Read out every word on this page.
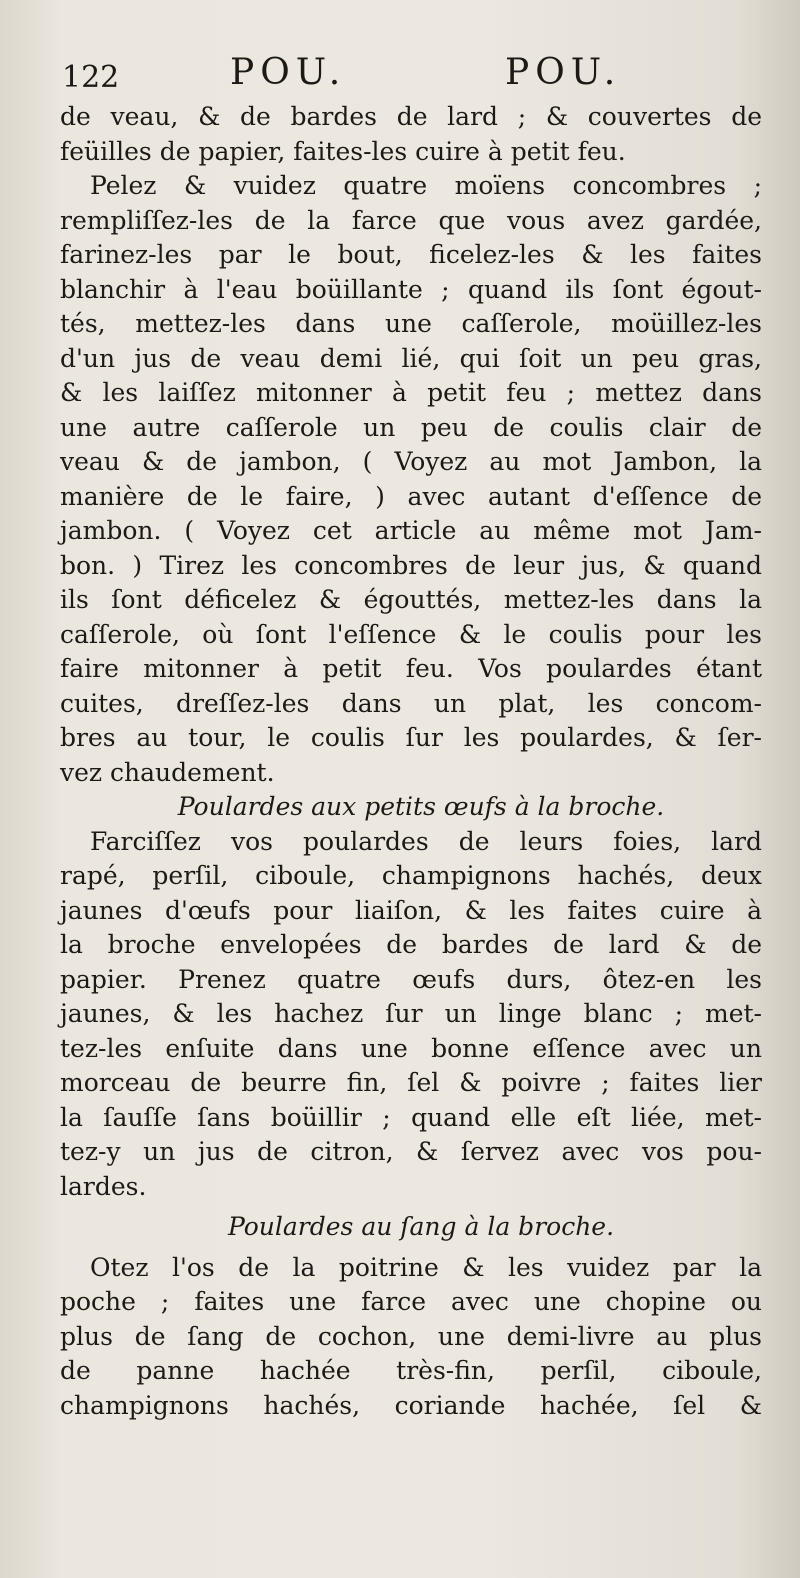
122	POU.	POU.
de veau, & de bardes de lard ; & couvertes de
feüilles de papier, faites-les cuire à petit feu.
Pelez & vuidez quatre moïens concombres ;
rempliſſez-les de la farce que vous avez gardée,
farinez-les par le bout, ficelez-les & les faites
blanchir à l'eau boüillante ; quand ils ſont égout-
tés, mettez-les dans une caſſerole, moüillez-les
d'un jus de veau demi lié, qui ſoit un peu gras,
& les laiſſez mitonner à petit feu ; mettez dans
une autre caſſerole un peu de coulis clair de
veau & de jambon, ( Voyez au mot Jambon, la
manière de le faire, ) avec autant d'eſſence de
jambon. ( Voyez cet article au même mot Jam-
bon. ) Tirez les concombres de leur jus, & quand
ils ſont déficelez & égouttés, mettez-les dans la
caſſerole, où ſont l'eſſence & le coulis pour les
faire mitonner à petit feu. Vos poulardes étant
cuites, dreſſez-les dans un plat, les concom-
bres au tour, le coulis ſur les poulardes, & ſer-
vez chaudement.
Poulardes aux petits œufs à la broche.
Farciſſez vos poulardes de leurs foies, lard
rapé, perſil, ciboule, champignons hachés, deux
jaunes d'œufs pour liaiſon, & les faites cuire à
la broche envelopées de bardes de lard & de
papier. Prenez quatre œufs durs, ôtez-en les
jaunes, & les hachez ſur un linge blanc ; met-
tez-les enſuite dans une bonne eſſence avec un
morceau de beurre fin, ſel & poivre ; faites lier
la ſauſſe ſans boüillir ; quand elle eſt liée, met-
tez-y un jus de citron, & ſervez avec vos pou-
lardes.
Poulardes au ſang à la broche.
Otez l'os de la poitrine & les vuidez par la
poche ; faites une farce avec une chopine ou
plus de ſang de cochon, une demi-livre au plus
de panne hachée très-fin, perſil, ciboule,
champignons hachés, coriande hachée, ſel &
